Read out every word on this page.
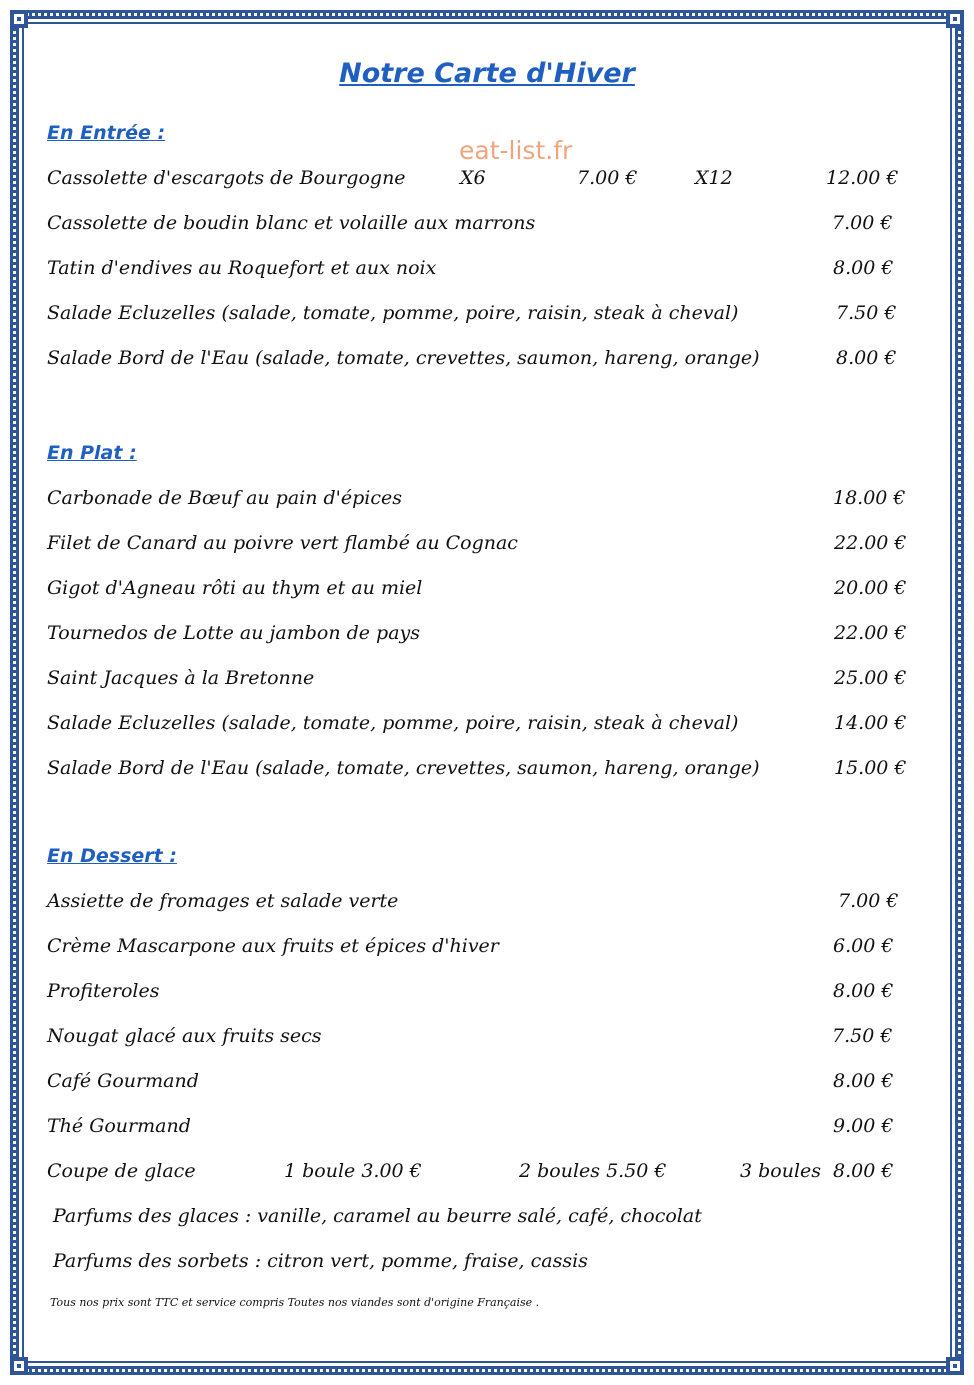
Notre Carte d'Hiver
eat-list.fr
En Entrée :
Cassolette d'escargots de Bourgogne	X6	7.00 €	X12	12.00 €
Cassolette de boudin blanc et volaille aux marrons	7.00 €
Tatin d'endives au Roquefort et aux noix	8.00 €
Salade Ecluzelles (salade, tomate, pomme, poire, raisin, steak à cheval)	7.50 €
Salade Bord de l'Eau (salade, tomate, crevettes, saumon, hareng, orange)	8.00 €
En Plat :
Carbonade de Bœuf au pain d'épices	18.00 €
Filet de Canard au poivre vert flambé au Cognac	22.00 €
Gigot d'Agneau rôti au thym et au miel	20.00 €
Tournedos de Lotte au jambon de pays	22.00 €
Saint Jacques à la Bretonne	25.00 €
Salade Ecluzelles (salade, tomate, pomme, poire, raisin, steak à cheval)	14.00 €
Salade Bord de l'Eau (salade, tomate, crevettes, saumon, hareng, orange)	15.00 €
En Dessert :
Assiette de fromages et salade verte	7.00 €
Crème Mascarpone aux fruits et épices d'hiver	6.00 €
Profiteroles	8.00 €
Nougat glacé aux fruits secs	7.50 €
Café Gourmand	8.00 €
Thé Gourmand	9.00 €
Coupe de glace	1 boule 3.00 €	2 boules 5.50 €	3 boules 8.00 €
Parfums des glaces : vanille, caramel au beurre salé, café, chocolat
Parfums des sorbets : citron vert, pomme, fraise, cassis
Tous nos prix sont TTC et service compris Toutes nos viandes sont d'origine Française .
